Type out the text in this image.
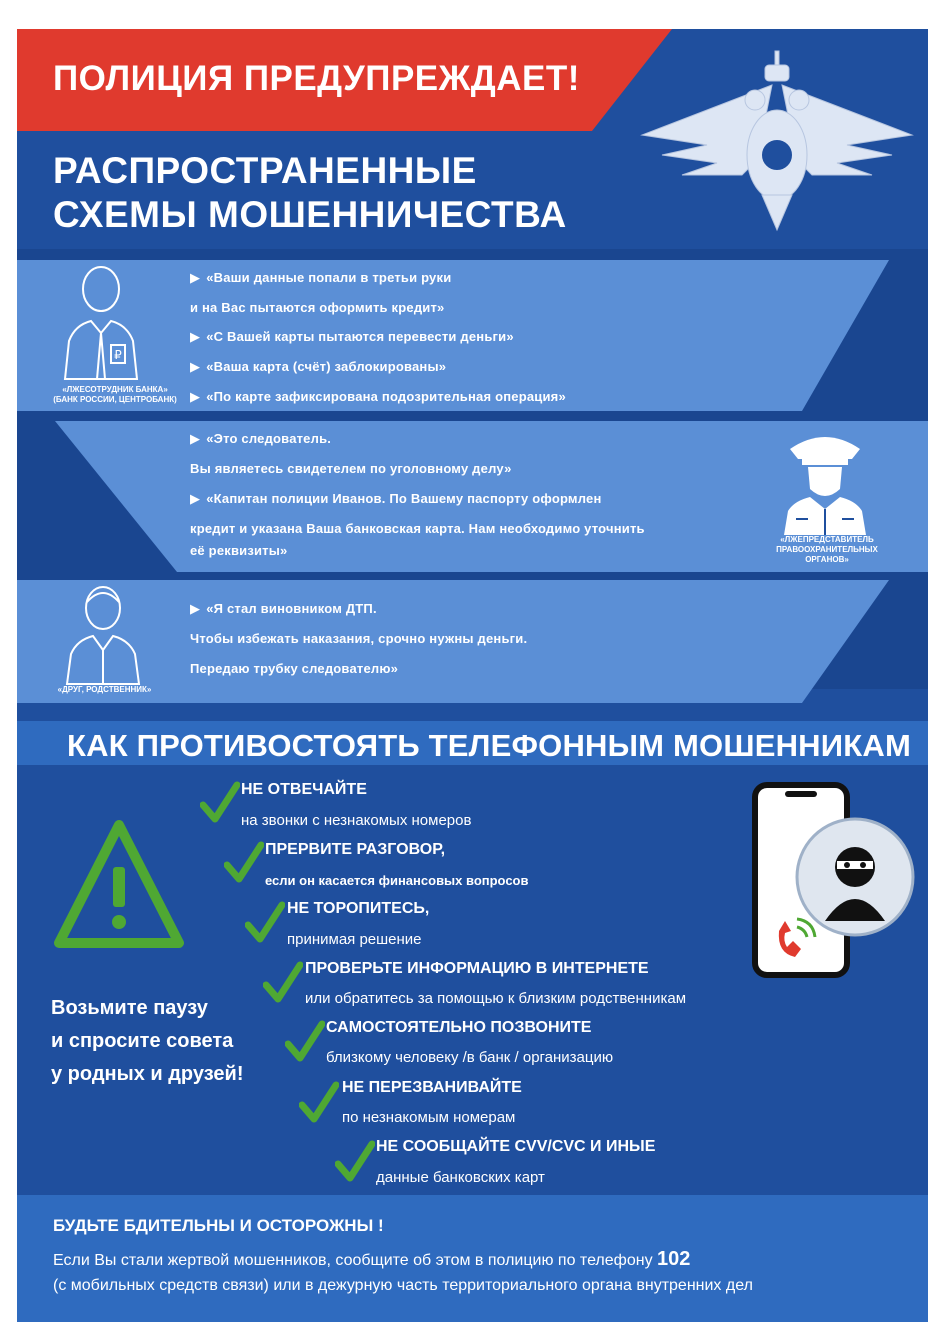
ПОЛИЦИЯ ПРЕДУПРЕЖДАЕТ!
РАСПРОСТРАНЕННЫЕ
СХЕМЫ МОШЕННИЧЕСТВА
₽
«ЛЖЕСОТРУДНИК БАНКА»
(БАНК РОССИИ, ЦЕНТРОБАНК)
▶ «Ваши данные попали в третьи руки
и на Вас пытаются оформить кредит»
▶ «С Вашей карты пытаются перевести деньги»
▶ «Ваша карта (счёт) заблокированы»
▶ «По карте зафиксирована подозрительная операция»
▶ «Это следователь.
Вы являетесь свидетелем по уголовному делу»
▶ «Капитан полиции Иванов. По Вашему паспорту оформлен
кредит и указана Ваша банковская карта. Нам необходимо уточнить
её реквизиты»
«ЛЖЕПРЕДСТАВИТЕЛЬ
ПРАВООХРАНИТЕЛЬНЫХ
ОРГАНОВ»
«ДРУГ, РОДСТВЕННИК»
▶ «Я стал виновником ДТП.
Чтобы избежать наказания, срочно нужны деньги.
Передаю трубку следователю»
КАК ПРОТИВОСТОЯТЬ ТЕЛЕФОННЫМ МОШЕННИКАМ
Возьмите паузу
и спросите совета
у родных и друзей!
НЕ ОТВЕЧАЙТЕ
на звонки с незнакомых номеров
ПРЕРВИТЕ РАЗГОВОР,
если он касается финансовых вопросов
НЕ ТОРОПИТЕСЬ,
принимая решение
ПРОВЕРЬТЕ ИНФОРМАЦИЮ В ИНТЕРНЕТЕ
или обратитесь за помощью к близким родственникам
САМОСТОЯТЕЛЬНО ПОЗВОНИТЕ
близкому человеку /в банк / организацию
НЕ ПЕРЕЗВАНИВАЙТЕ
по незнакомым номерам
НЕ СООБЩАЙТЕ CVV/CVC И ИНЫЕ
данные банковских карт
БУДЬТЕ БДИТЕЛЬНЫ И ОСТОРОЖНЫ !
Если Вы стали жертвой мошенников, сообщите об этом в полицию по телефону 102
(с мобильных средств связи) или в дежурную часть территориального органа внутренних дел
